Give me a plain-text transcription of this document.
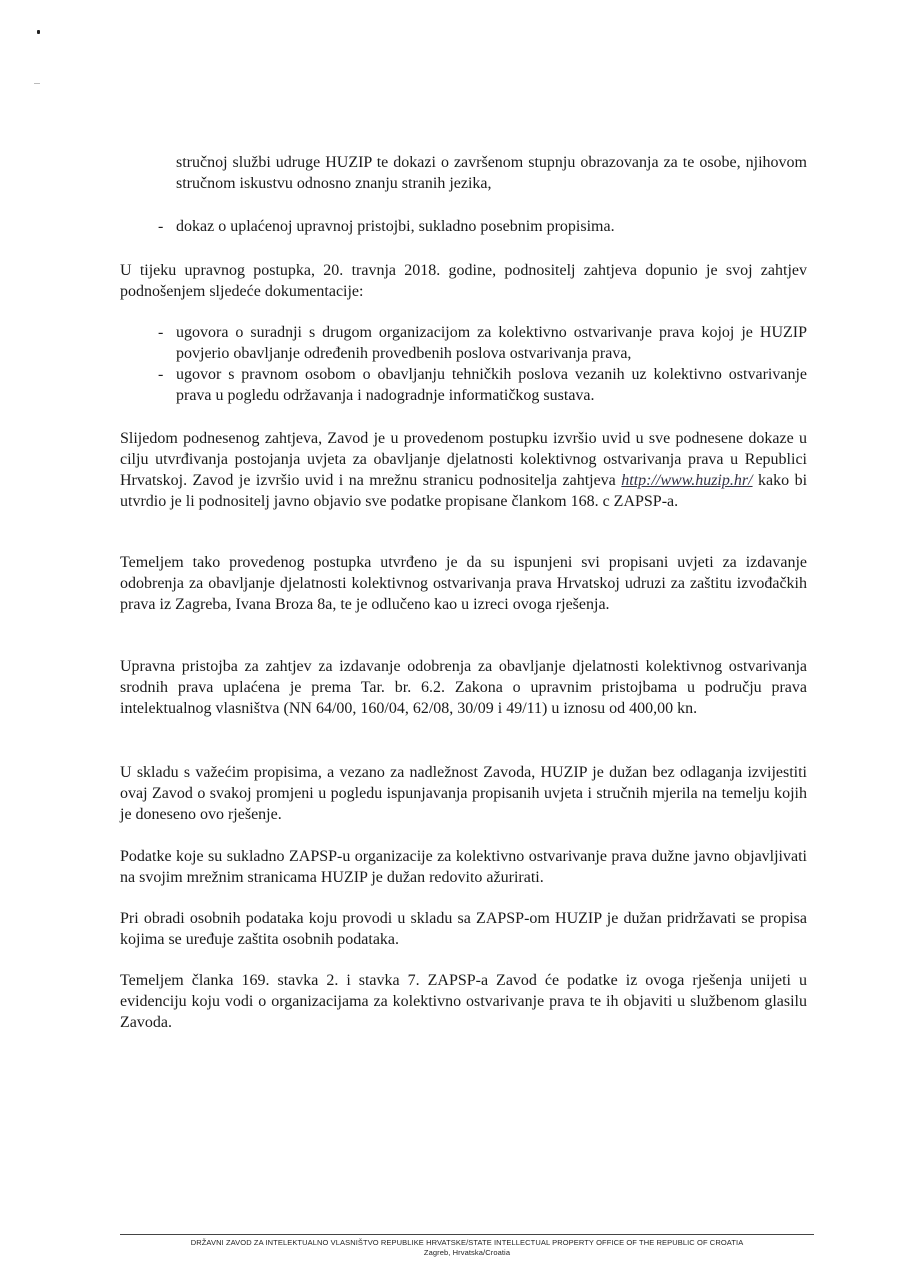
stručnoj službi udruge HUZIP te dokazi o završenom stupnju obrazovanja za te osobe, njihovom stručnom iskustvu odnosno znanju stranih jezika,

- dokaz o uplaćenoj upravnoj pristojbi, sukladno posebnim propisima.

U tijeku upravnog postupka, 20. travnja 2018. godine, podnositelj zahtjeva dopunio je svoj zahtjev podnošenjem sljedeće dokumentacije:

- ugovora o suradnji s drugom organizacijom za kolektivno ostvarivanje prava kojoj je HUZIP povjerio obavljanje određenih provedbenih poslova ostvarivanja prava,

- ugovor s pravnom osobom o obavljanju tehničkih poslova vezanih uz kolektivno ostvarivanje prava u pogledu održavanja i nadogradnje informatičkog sustava.

Slijedom podnesenog zahtjeva, Zavod je u provedenom postupku izvršio uvid u sve podnesene dokaze u cilju utvrđivanja postojanja uvjeta za obavljanje djelatnosti kolektivnog ostvarivanja prava u Republici Hrvatskoj. Zavod je izvršio uvid i na mrežnu stranicu podnositelja zahtjeva http://www.huzip.hr/ kako bi utvrdio je li podnositelj javno objavio sve podatke propisane člankom 168. c ZAPSP-a.

Temeljem tako provedenog postupka utvrđeno je da su ispunjeni svi propisani uvjeti za izdavanje odobrenja za obavljanje djelatnosti kolektivnog ostvarivanja prava Hrvatskoj udruzi za zaštitu izvođačkih prava iz Zagreba, Ivana Broza 8a, te je odlučeno kao u izreci ovoga rješenja.

Upravna pristojba za zahtjev za izdavanje odobrenja za obavljanje djelatnosti kolektivnog ostvarivanja srodnih prava uplaćena je prema Tar. br. 6.2. Zakona o upravnim pristojbama u području prava intelektualnog vlasništva (NN 64/00, 160/04, 62/08, 30/09 i 49/11) u iznosu od 400,00 kn.

U skladu s važećim propisima, a vezano za nadležnost Zavoda, HUZIP je dužan bez odlaganja izvijestiti ovaj Zavod o svakoj promjeni u pogledu ispunjavanja propisanih uvjeta i stručnih mjerila na temelju kojih je doneseno ovo rješenje.

Podatke koje su sukladno ZAPSP-u organizacije za kolektivno ostvarivanje prava dužne javno objavljivati na svojim mrežnim stranicama HUZIP je dužan redovito ažurirati.

Pri obradi osobnih podataka koju provodi u skladu sa ZAPSP-om HUZIP je dužan pridržavati se propisa kojima se uređuje zaštita osobnih podataka.

Temeljem članka 169. stavka 2. i stavka 7. ZAPSP-a Zavod će podatke iz ovoga rješenja unijeti u evidenciju koju vodi o organizacijama za kolektivno ostvarivanje prava te ih objaviti u službenom glasilu Zavoda.

DRŽAVNI ZAVOD ZA INTELEKTUALNO VLASNIŠTVO REPUBLIKE HRVATSKE/STATE INTELLECTUAL PROPERTY OFFICE OF THE REPUBLIC OF CROATIA
Zagreb, Hrvatska/Croatia
